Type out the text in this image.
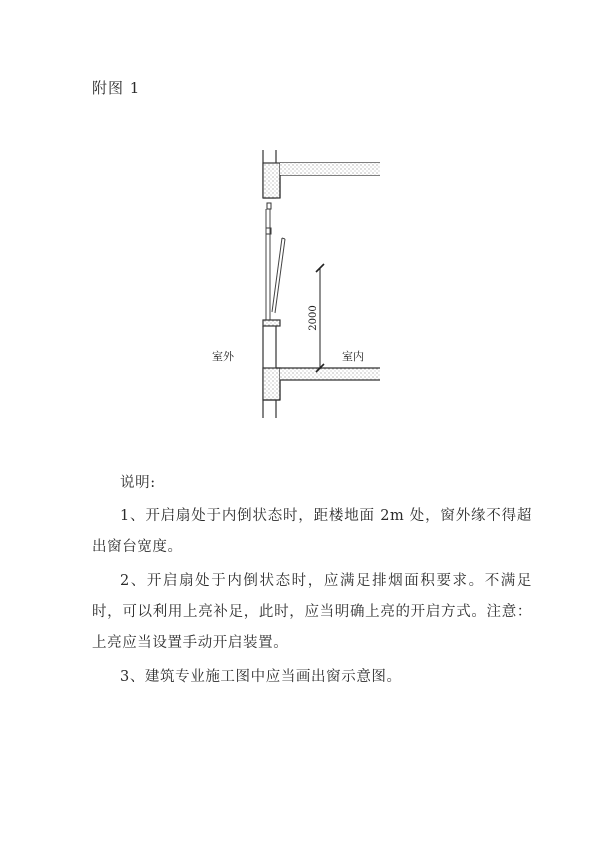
附图 1
2000
室外	室内

说明:

1、开启扇处于内倒状态时，距楼地面 2m 处，窗外缘不得超出窗台宽度。

2、开启扇处于内倒状态时，应满足排烟面积要求。不满足时，可以利用上亮补足，此时，应当明确上亮的开启方式。注意：上亮应当设置手动开启装置。

3、建筑专业施工图中应当画出窗示意图。
